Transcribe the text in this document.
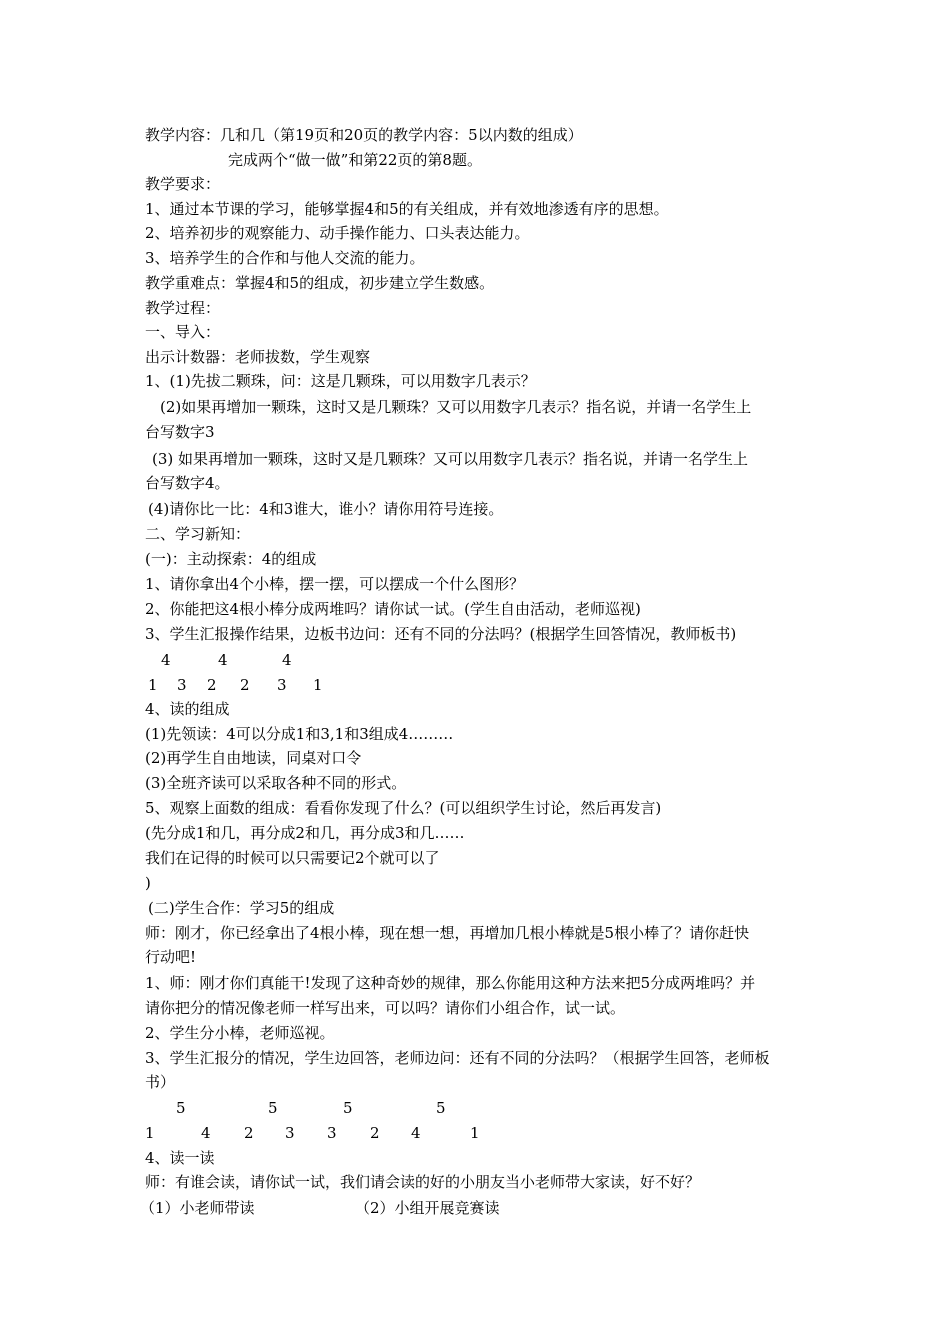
教学内容：几和几（第19页和20页的教学内容：5以内数的组成）
完成两个“做一做”和第22页的第8题。
教学要求：
1、通过本节课的学习，能够掌握4和5的有关组成，并有效地渗透有序的思想。
2、培养初步的观察能力、动手操作能力、口头表达能力。
3、培养学生的合作和与他人交流的能力。
教学重难点：掌握4和5的组成，初步建立学生数感。
教学过程：
一、导入：
出示计数器：老师拔数，学生观察
1、(1)先拔二颗珠，问：这是几颗珠，可以用数字几表示？
(2)如果再增加一颗珠，这时又是几颗珠？又可以用数字几表示？指名说，并请一名学生上
台写数字3
(3) 如果再增加一颗珠，这时又是几颗珠？又可以用数字几表示？指名说，并请一名学生上
台写数字4。
(4)请你比一比：4和3谁大，谁小？请你用符号连接。
二、学习新知：
(一)：主动探索：4的组成
1、请你拿出4个小棒，摆一摆，可以摆成一个什么图形？
2、你能把这4根小棒分成两堆吗？请你试一试。(学生自由活动，老师巡视)
3、学生汇报操作结果，边板书边问：还有不同的分法吗？(根据学生回答情况，教师板书)
4	4	4
1 3 2 2 3 1
4、读的组成
(1)先领读：4可以分成1和3,1和3组成4………
(2)再学生自由地读，同桌对口令
(3)全班齐读可以采取各种不同的形式。
5、观察上面数的组成：看看你发现了什么？(可以组织学生讨论，然后再发言)
(先分成1和几，再分成2和几，再分成3和几……
我们在记得的时候可以只需要记2个就可以了
)
(二)学生合作：学习5的组成
师：刚才，你已经拿出了4根小棒，现在想一想，再增加几根小棒就是5根小棒了？请你赶快
行动吧!
1、师：刚才你们真能干!发现了这种奇妙的规律，那么你能用这种方法来把5分成两堆吗？并
请你把分的情况像老师一样写出来，可以吗？请你们小组合作，试一试。
2、学生分小棒，老师巡视。
3、学生汇报分的情况，学生边回答，老师边问：还有不同的分法吗？（根据学生回答，老师板
书）
5	5	5	5
1	4 2 3 3 2 4	1
4、读一读
师：有谁会读，请你试一试，我们请会读的好的小朋友当小老师带大家读，好不好？
（1）小老师带读	（2）小组开展竞赛读
